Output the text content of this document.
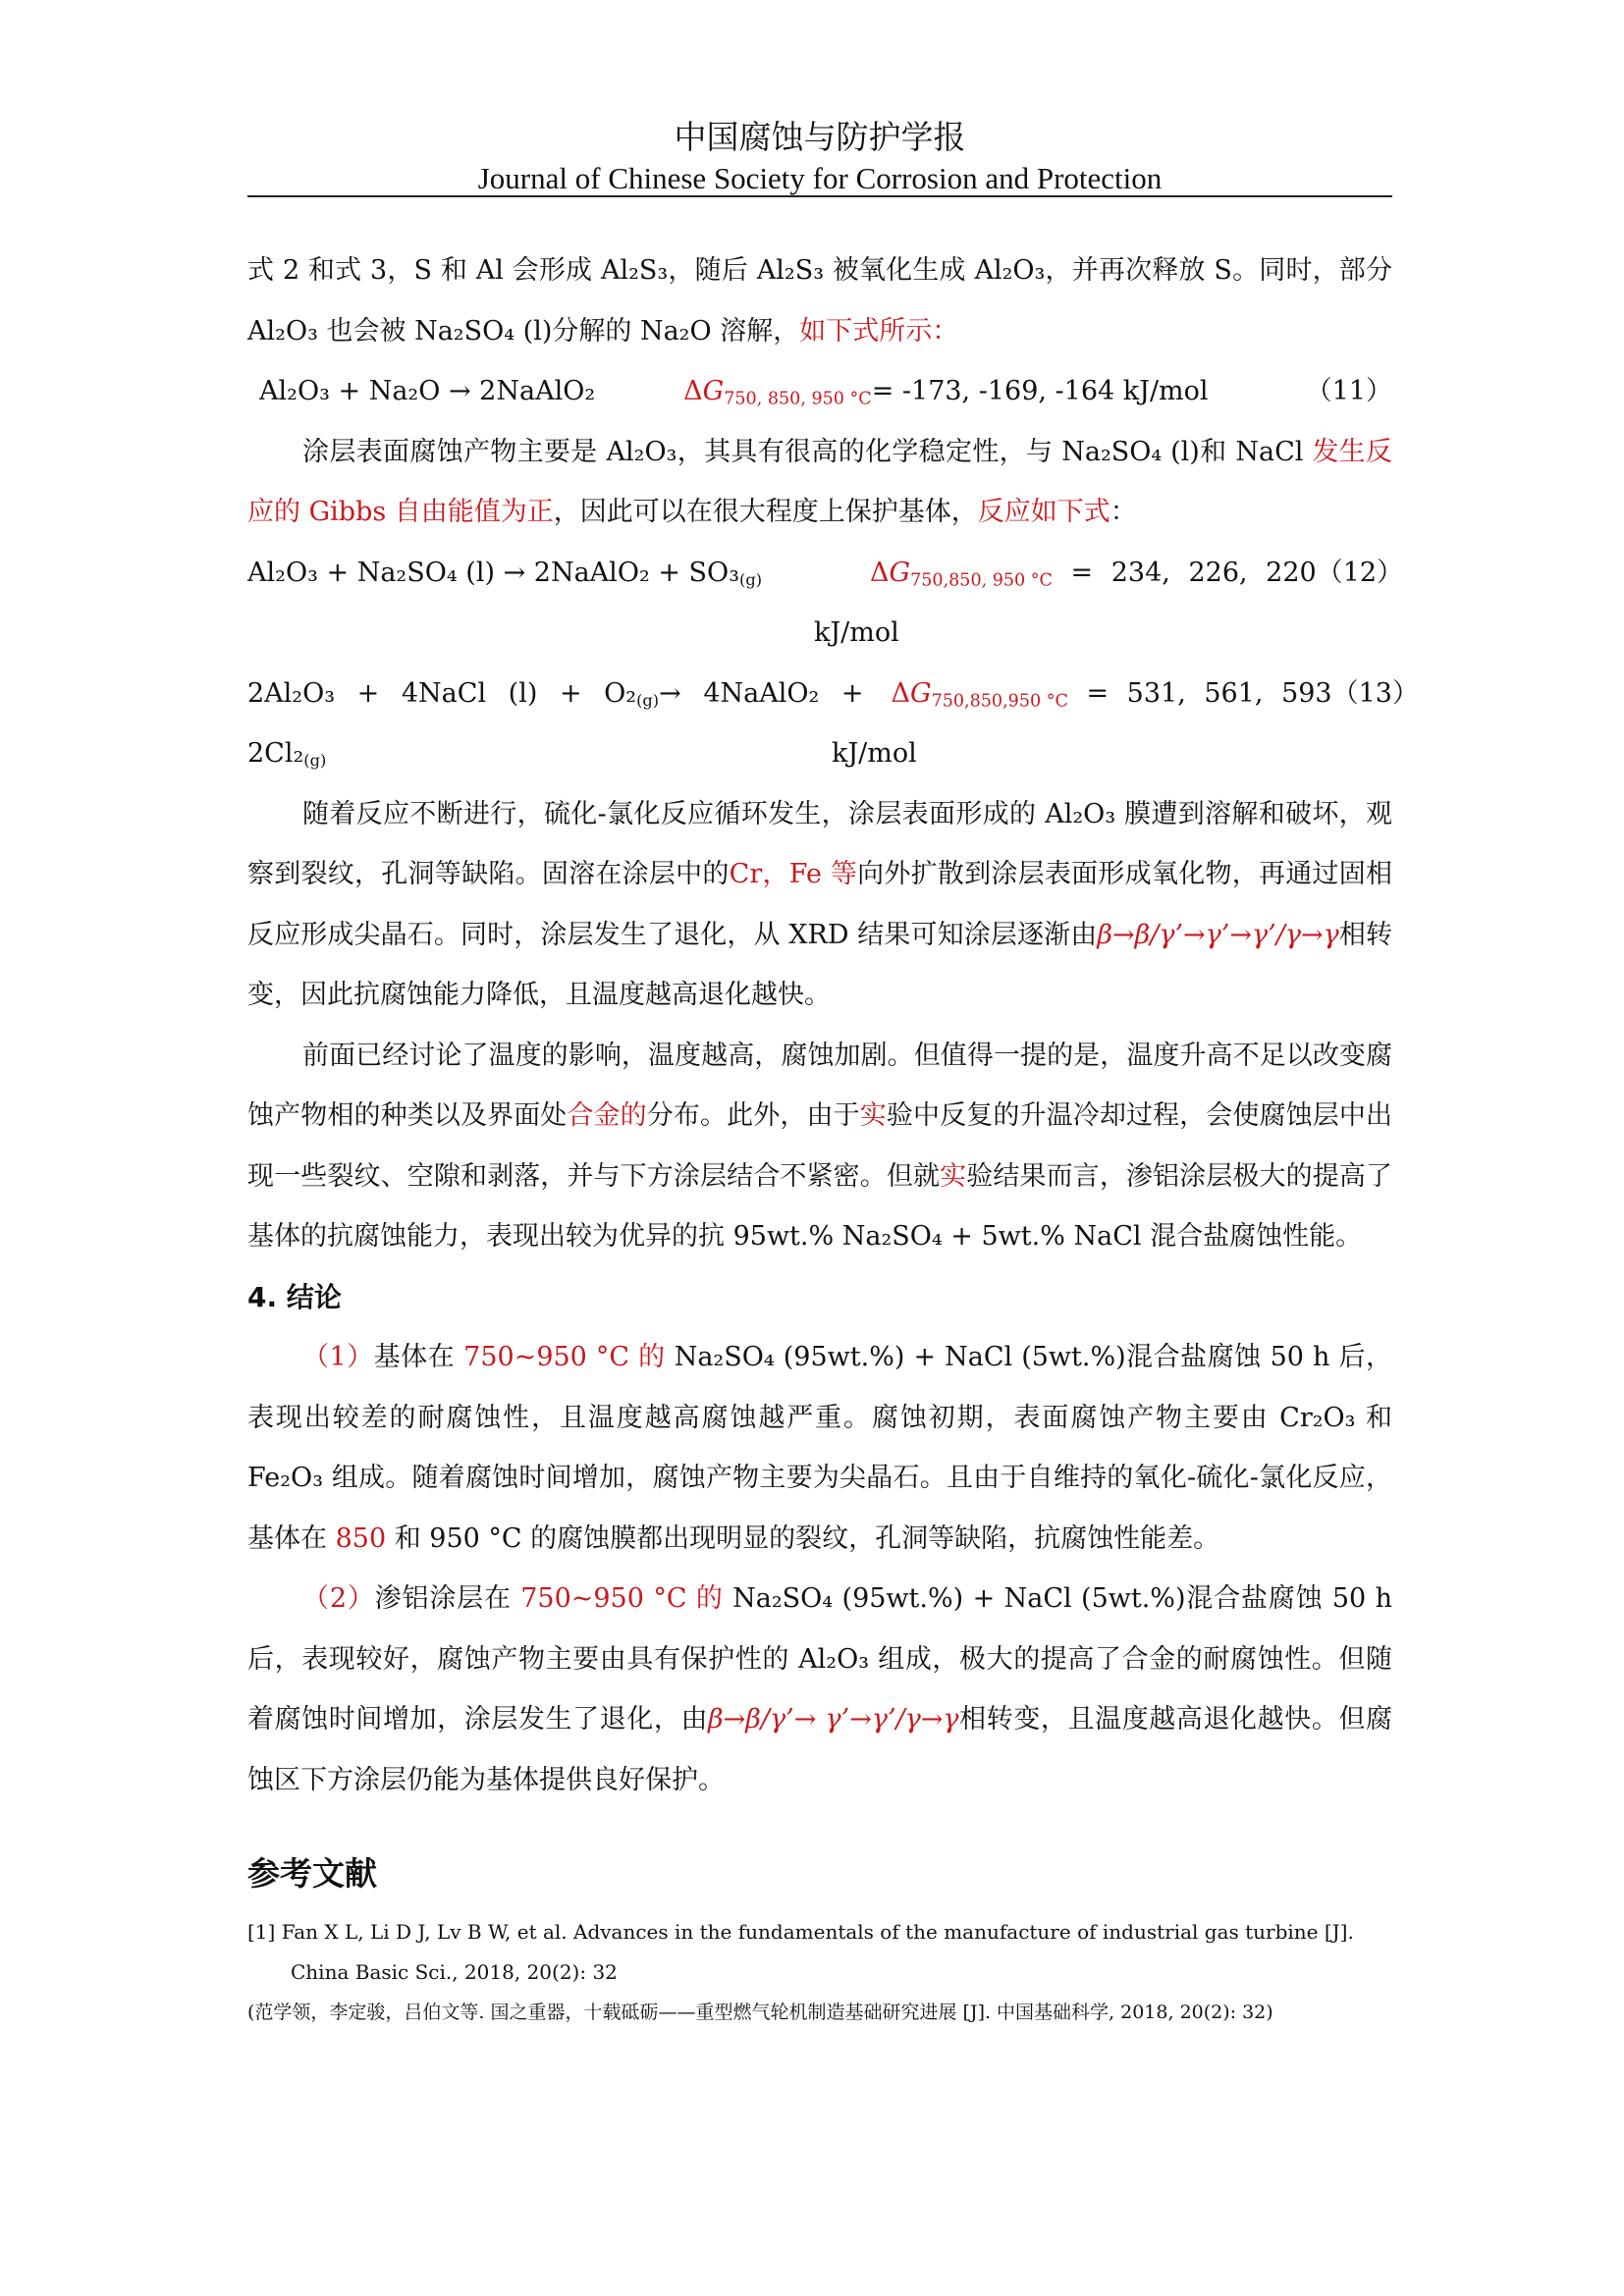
中国腐蚀与防护学报
Journal of Chinese Society for Corrosion and Protection
式 2 和式 3，S 和 Al 会形成 Al₂S₃，随后 Al₂S₃ 被氧化生成 Al₂O₃，并再次释放 S。同时，部分 Al₂O₃ 也会被 Na₂SO₄ (l)分解的 Na₂O 溶解，如下式所示：
Al₂O₃ + Na₂O → 2NaAlO₂	$\Delta G_{750, 850, 950 ^\circ C} = -173$, -169, -164 kJ/mol	（11）
涂层表面腐蚀产物主要是 Al₂O₃，其具有很高的化学稳定性，与 Na₂SO₄ (l)和 NaCl 发生反应的 Gibbs 自由能值为正，因此可以在很大程度上保护基体，反应如下式：
Al₂O₃ + Na₂SO₄ (l) → 2NaAlO₂ + SO₃(g)	$\Delta G_{750,850, 950 ^\circ C} = 234$, 226, 220 （12）
kJ/mol
2Al₂O₃ + 4NaCl (l) + O₂(g)→ 4NaAlO₂ + $\Delta G_{750,850,950 ^\circ C} = 531$, 561, 593 （13）
2Cl₂(g)	kJ/mol
随着反应不断进行，硫化-氯化反应循环发生，涂层表面形成的 Al₂O₃ 膜遭到溶解和破坏，观察到裂纹，孔洞等缺陷。固溶在涂层中的Cr，Fe 等向外扩散到涂层表面形成氧化物，再通过固相反应形成尖晶石。同时，涂层发生了退化，从 XRD 结果可知涂层逐渐由β→β/γ’→γ’→γ’/γ→γ相转变，因此抗腐蚀能力降低，且温度越高退化越快。
前面已经讨论了温度的影响，温度越高，腐蚀加剧。但值得一提的是，温度升高不足以改变腐蚀产物相的种类以及界面处合金的分布。此外，由于实验中反复的升温冷却过程，会使腐蚀层中出现一些裂纹、空隙和剥落，并与下方涂层结合不紧密。但就实验结果而言，渗铝涂层极大的提高了基体的抗腐蚀能力，表现出较为优异的抗 95wt.% Na₂SO₄ + 5wt.% NaCl 混合盐腐蚀性能。
4. 结论
（1）基体在 750~950 °C 的 Na₂SO₄ (95wt.%) + NaCl (5wt.%)混合盐腐蚀 50 h 后，表现出较差的耐腐蚀性，且温度越高腐蚀越严重。腐蚀初期，表面腐蚀产物主要由 Cr₂O₃ 和 Fe₂O₃ 组成。随着腐蚀时间增加，腐蚀产物主要为尖晶石。且由于自维持的氧化-硫化-氯化反应，基体在 850 和 950 °C 的腐蚀膜都出现明显的裂纹，孔洞等缺陷，抗腐蚀性能差。
（2）渗铝涂层在 750~950 °C 的 Na₂SO₄ (95wt.%) + NaCl (5wt.%)混合盐腐蚀 50 h 后，表现较好，腐蚀产物主要由具有保护性的 Al₂O₃ 组成，极大的提高了合金的耐腐蚀性。但随着腐蚀时间增加，涂层发生了退化，由β→β/γ’→ γ’→γ’/γ→γ相转变，且温度越高退化越快。但腐蚀区下方涂层仍能为基体提供良好保护。
参考文献
[1] Fan X L, Li D J, Lv B W, et al. Advances in the fundamentals of the manufacture of industrial gas turbine [J]. China Basic Sci., 2018, 20(2): 32
(范学领，李定骏，吕伯文等. 国之重器，十载砥砺——重型燃气轮机制造基础研究进展 [J]. 中国基础科学, 2018, 20(2): 32)
